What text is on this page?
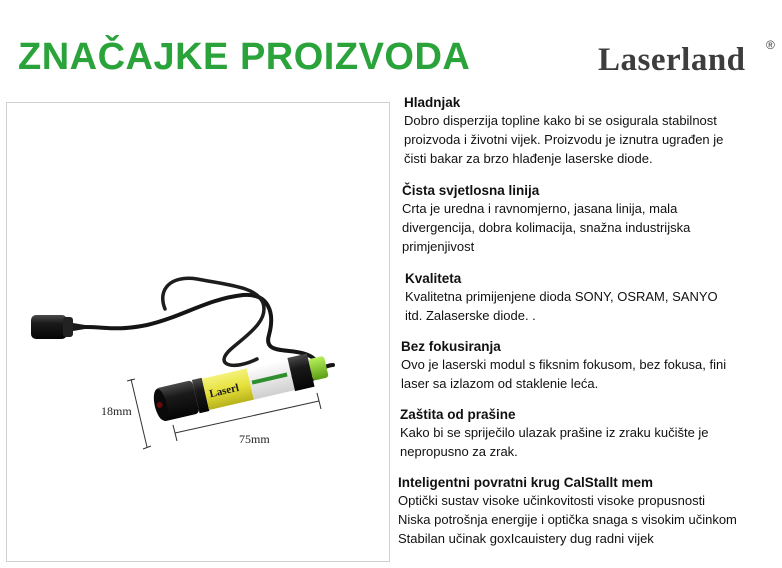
ZNAČAJKE PROIZVODA	Laserland ®
Laserl
18mm
75mm
Hladnjak
Dobro disperzija topline kako bi se osigurala stabilnost
proizvoda i životni vijek. Proizvodu je iznutra ugrađen je
čisti bakar za brzo hlađenje laserske diode.
Čista svjetlosna linija
Crta je uredna i ravnomjerno, jasana linija, mala
divergencija, dobra kolimacija, snažna industrijska
primjenjivost
Kvaliteta
Kvalitetna primijenjene dioda SONY, OSRAM, SANYO
itd. Zalaserske diode. .
Bez fokusiranja
Ovo je laserski modul s fiksnim fokusom, bez fokusa, fini
laser sa izlazom od staklenie leća.
Zaštita od prašine
Kako bi se spriječilo ulazak prašine iz zraku kučište je
nepropusno za zrak.
Inteligentni povratni krug CalStallt mem
Optički sustav visoke učinkovitosti visoke propusnosti
Niska potrošnja energije i optička snaga s visokim učinkom
Stabilan učinak goxIcauistery dug radni vijek
